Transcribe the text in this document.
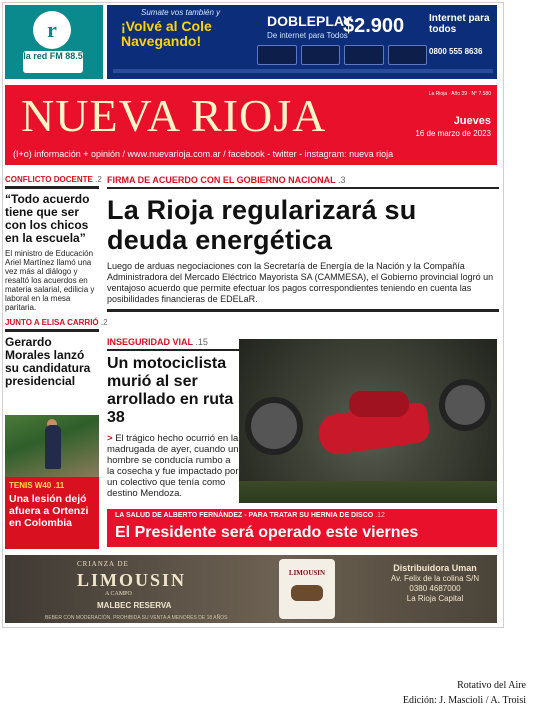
r
la red FM 88.5
Sumate vos también y
¡Volvé al Cole Navegando!
DOBLEPLAY
De internet para Todos
$2.900 Internet para todos
0800 555 8636
NUEVA RIOJA	La Rioja · Año 39 · N° 7.580
Jueves
16 de marzo de 2023
(I+o) información + opinión / www.nuevarioja.com.ar / facebook - twitter - instagram: nueva rioja
CONFLICTO DOCENTE .2
“Todo acuerdo tiene que ser con los chicos en la escuela”
El ministro de Educación Ariel Martínez llamó una vez más al diálogo y resaltó los acuerdos en materia salarial, edilicia y laboral en la mesa paritaria.
JUNTO A ELISA CARRIÓ .2
Gerardo Morales lanzó su candidatura presidencial
TENIS W40 .11
Una lesión dejó afuera a Ortenzi en Colombia
FIRMA DE ACUERDO CON EL GOBIERNO NACIONAL .3
La Rioja regularizará su deuda energética
Luego de arduas negociaciones con la Secretaría de Energía de la Nación y la Compañía Administradora del Mercado Eléctrico Mayorista SA (CAMMESA), el Gobierno provincial logró un ventajoso acuerdo que permite efectuar los pagos correspondientes teniendo en cuenta las posibilidades financieras de EDELaR.
INSEGURIDAD VIAL .15
Un motociclista murió al ser arrollado en ruta 38
> El trágico hecho ocurrió en la madrugada de ayer, cuando un hombre se conducía rumbo a la cosecha y fue impactado por un colectivo que tenía como destino Mendoza.
LA SALUD DE ALBERTO FERNÁNDEZ - PARA TRATAR SU HERNIA DE DISCO .12
El Presidente será operado este viernes
CRIANZA DE
LIMOUSIN
A CAMPO
MALBEC RESERVA
LIMOUSIN	Distribuidora Uman
Av. Felix de la colina S/N
0380 4687000
La Rioja Capital
BEBER CON MODERACIÓN. PROHIBIDA SU VENTA A MENORES DE 18 AÑOS
Rotativo del Aire
Edición: J. Mascioli / A. Troisi
